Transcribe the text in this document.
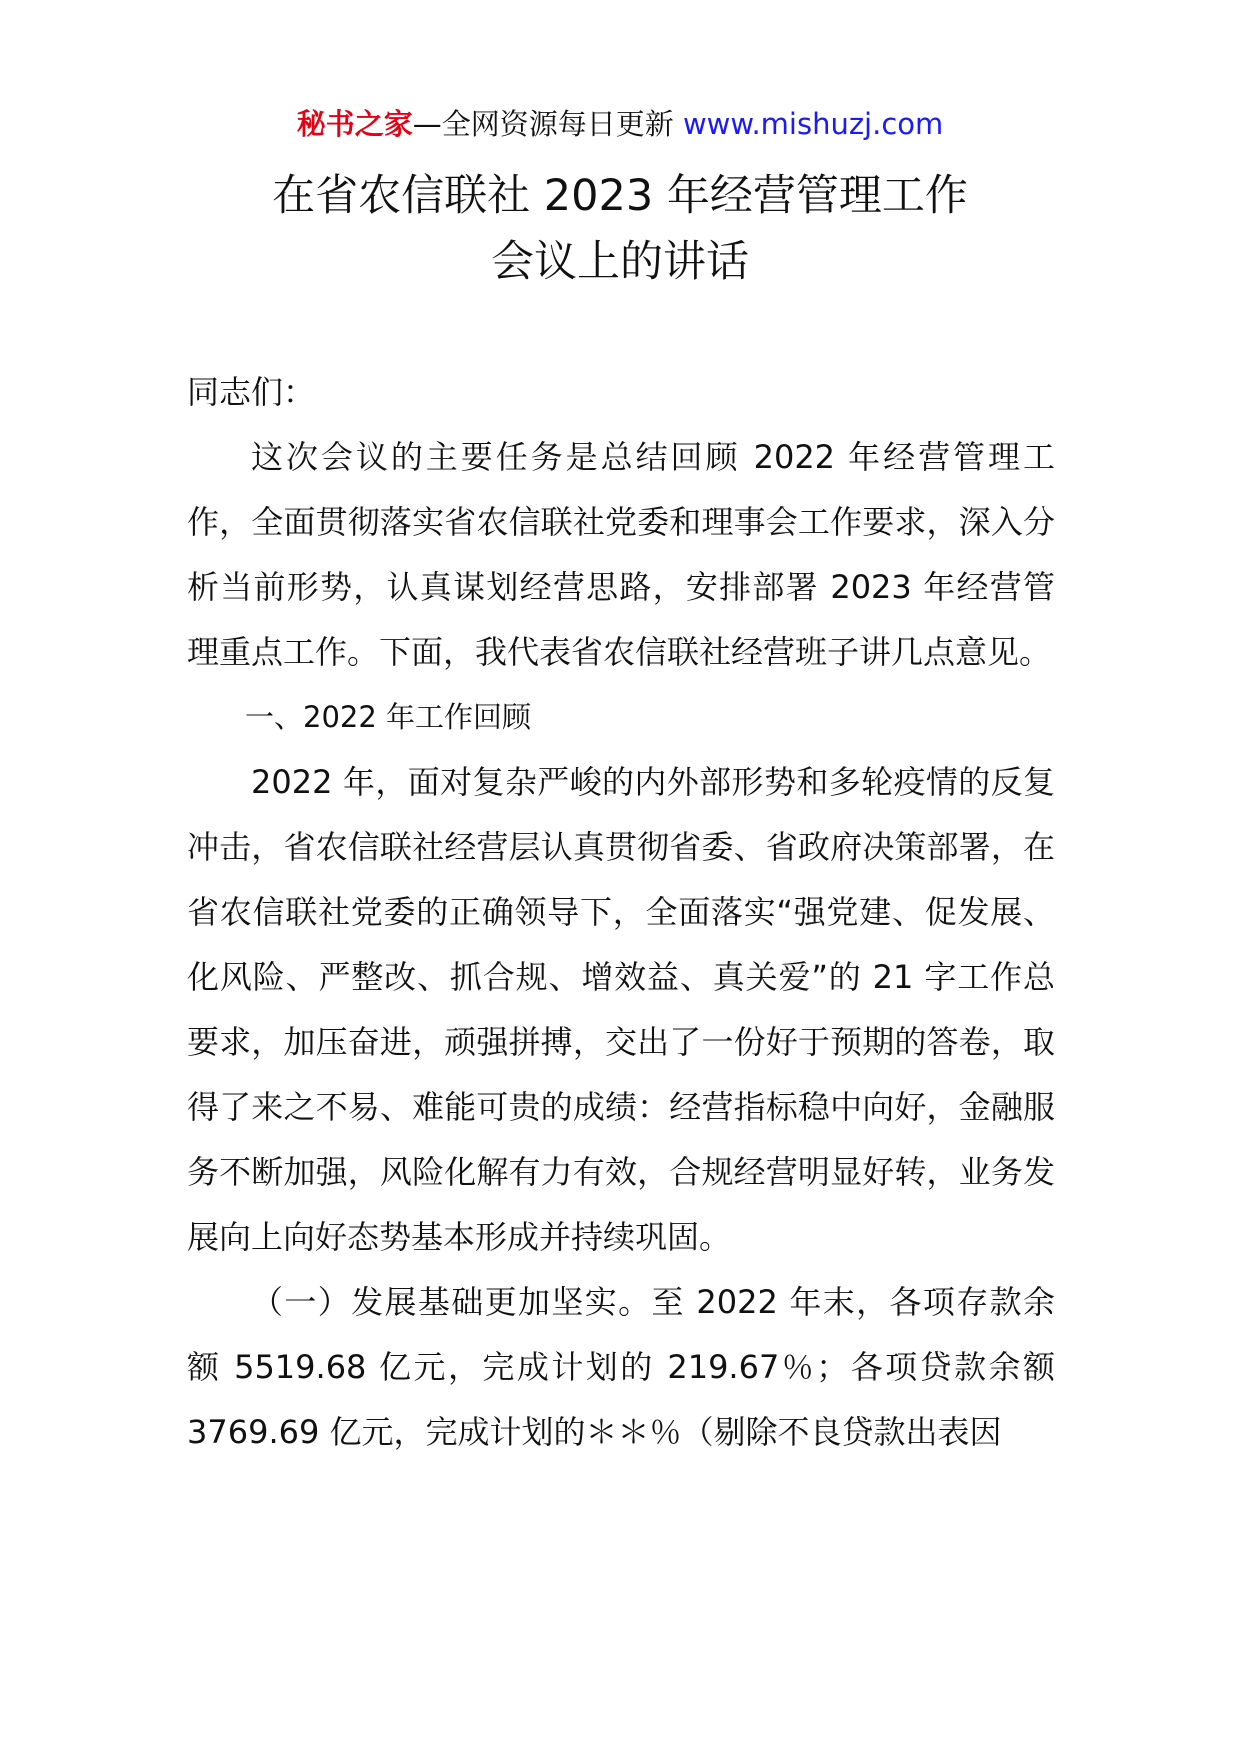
秘书之家—全网资源每日更新 www.mishuzj.com
在省农信联社 2023 年经营管理工作
会议上的讲话

同志们：

这次会议的主要任务是总结回顾 2022 年经营管理工作，全面贯彻落实省农信联社党委和理事会工作要求，深入分析当前形势，认真谋划经营思路，安排部署 2023 年经营管理重点工作。下面，我代表省农信联社经营班子讲几点意见。

一、2022 年工作回顾

2022 年，面对复杂严峻的内外部形势和多轮疫情的反复冲击，省农信联社经营层认真贯彻省委、省政府决策部署，在省农信联社党委的正确领导下，全面落实“强党建、促发展、化风险、严整改、抓合规、增效益、真关爱”的 21 字工作总要求，加压奋进，顽强拼搏，交出了一份好于预期的答卷，取得了来之不易、难能可贵的成绩：经营指标稳中向好，金融服务不断加强，风险化解有力有效，合规经营明显好转，业务发展向上向好态势基本形成并持续巩固。

（一）发展基础更加坚实。至 2022 年末，各项存款余额 5519.68 亿元，完成计划的 219.67％；各项贷款余额 3769.69 亿元，完成计划的＊＊％（剔除不良贷款出表因
